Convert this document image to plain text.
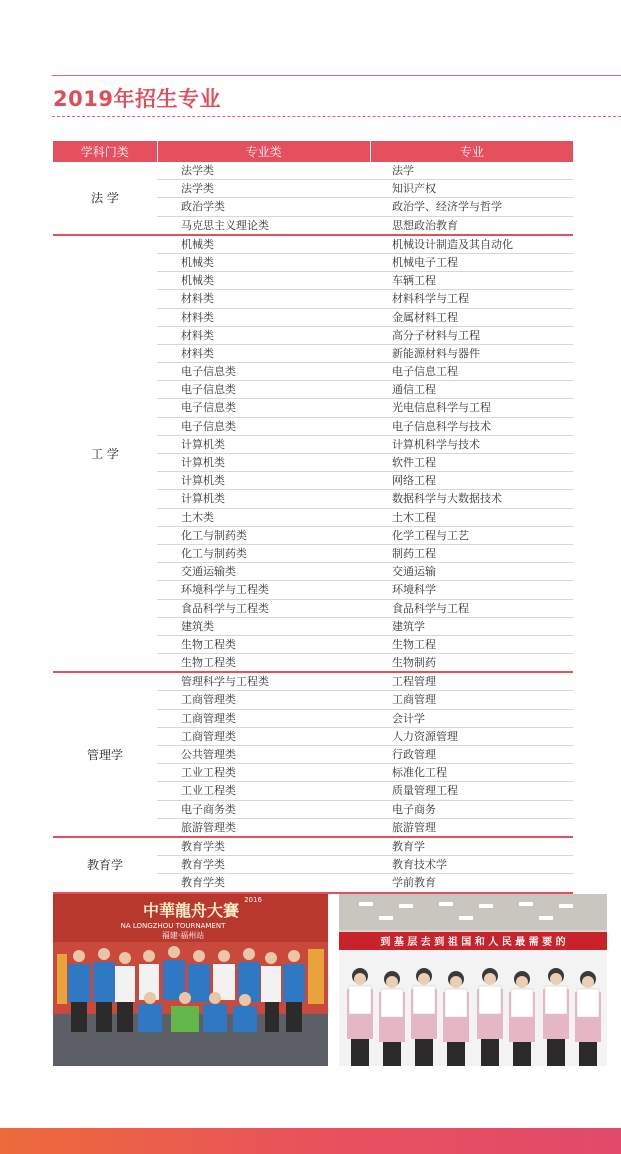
2019年招生专业
学科门类	专业类	专业
法 学
法学类	法学
法学类	知识产权
政治学类	政治学、经济学与哲学
马克思主义理论类	思想政治教育
工 学
机械类	机械设计制造及其自动化
机械类	机械电子工程
机械类	车辆工程
材料类	材料科学与工程
材料类	金属材料工程
材料类	高分子材料与工程
材料类	新能源材料与器件
电子信息类	电子信息工程
电子信息类	通信工程
电子信息类	光电信息科学与工程
电子信息类	电子信息科学与技术
计算机类	计算机科学与技术
计算机类	软件工程
计算机类	网络工程
计算机类	数据科学与大数据技术
土木类	土木工程
化工与制药类	化学工程与工艺
化工与制药类	制药工程
交通运输类	交通运输
环境科学与工程类	环境科学
食品科学与工程类	食品科学与工程
建筑类	建筑学
生物工程类	生物工程
生物工程类	生物制药
管理学
管理科学与工程类	工程管理
工商管理类	工商管理
工商管理类	会计学
工商管理类	人力资源管理
公共管理类	行政管理
工业工程类	标准化工程
工业工程类	质量管理工程
电子商务类	电子商务
旅游管理类	旅游管理
教育学
教育学类	教育学
教育学类	教育技术学
教育学类	学前教育
中華龍舟大賽
2016
NA LONGZHOU TOURNAMENT
福建·福州站
到 基 层 去 到 祖 国 和 人 民 最 需 要 的
